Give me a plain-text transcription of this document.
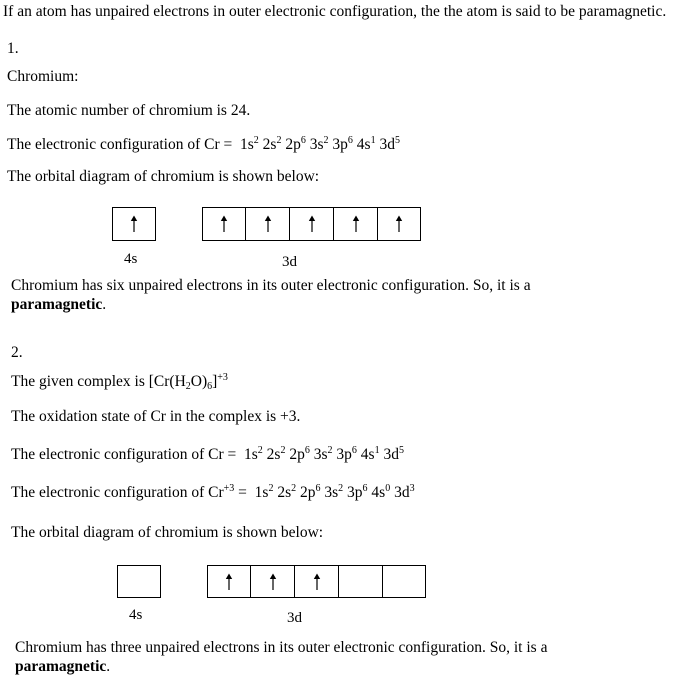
If an atom has unpaired electrons in outer electronic configuration, the the atom is said to be paramagnetic.
1.
Chromium:
The atomic number of chromium is 24.
The electronic configuration of $Cr = 1s^2$ $2s^2$ $2p^6$ $3s^2$ $3p^6$ $4s^1$ $3d^5$
The orbital diagram of chromium is shown below:
4s	3d
Chromium has six unpaired electrons in its outer electronic configuration. So, it is a
paramagnetic.
2.
The given complex is $[Cr(H_2O)_6]^{+3}$
The oxidation state of Cr in the complex is +3.
The electronic configuration of $Cr = 1s^2$ $2s^2$ $2p^6$ $3s^2$ $3p^6$ $4s^1$ $3d^5$
The electronic configuration of $Cr^{+3} = 1s^2$ $2s^2$ $2p^6$ $3s^2$ $3p^6$ $4s^0$ $3d^3$
The orbital diagram of chromium is shown below:
4s	3d
Chromium has three unpaired electrons in its outer electronic configuration. So, it is a
paramagnetic.
